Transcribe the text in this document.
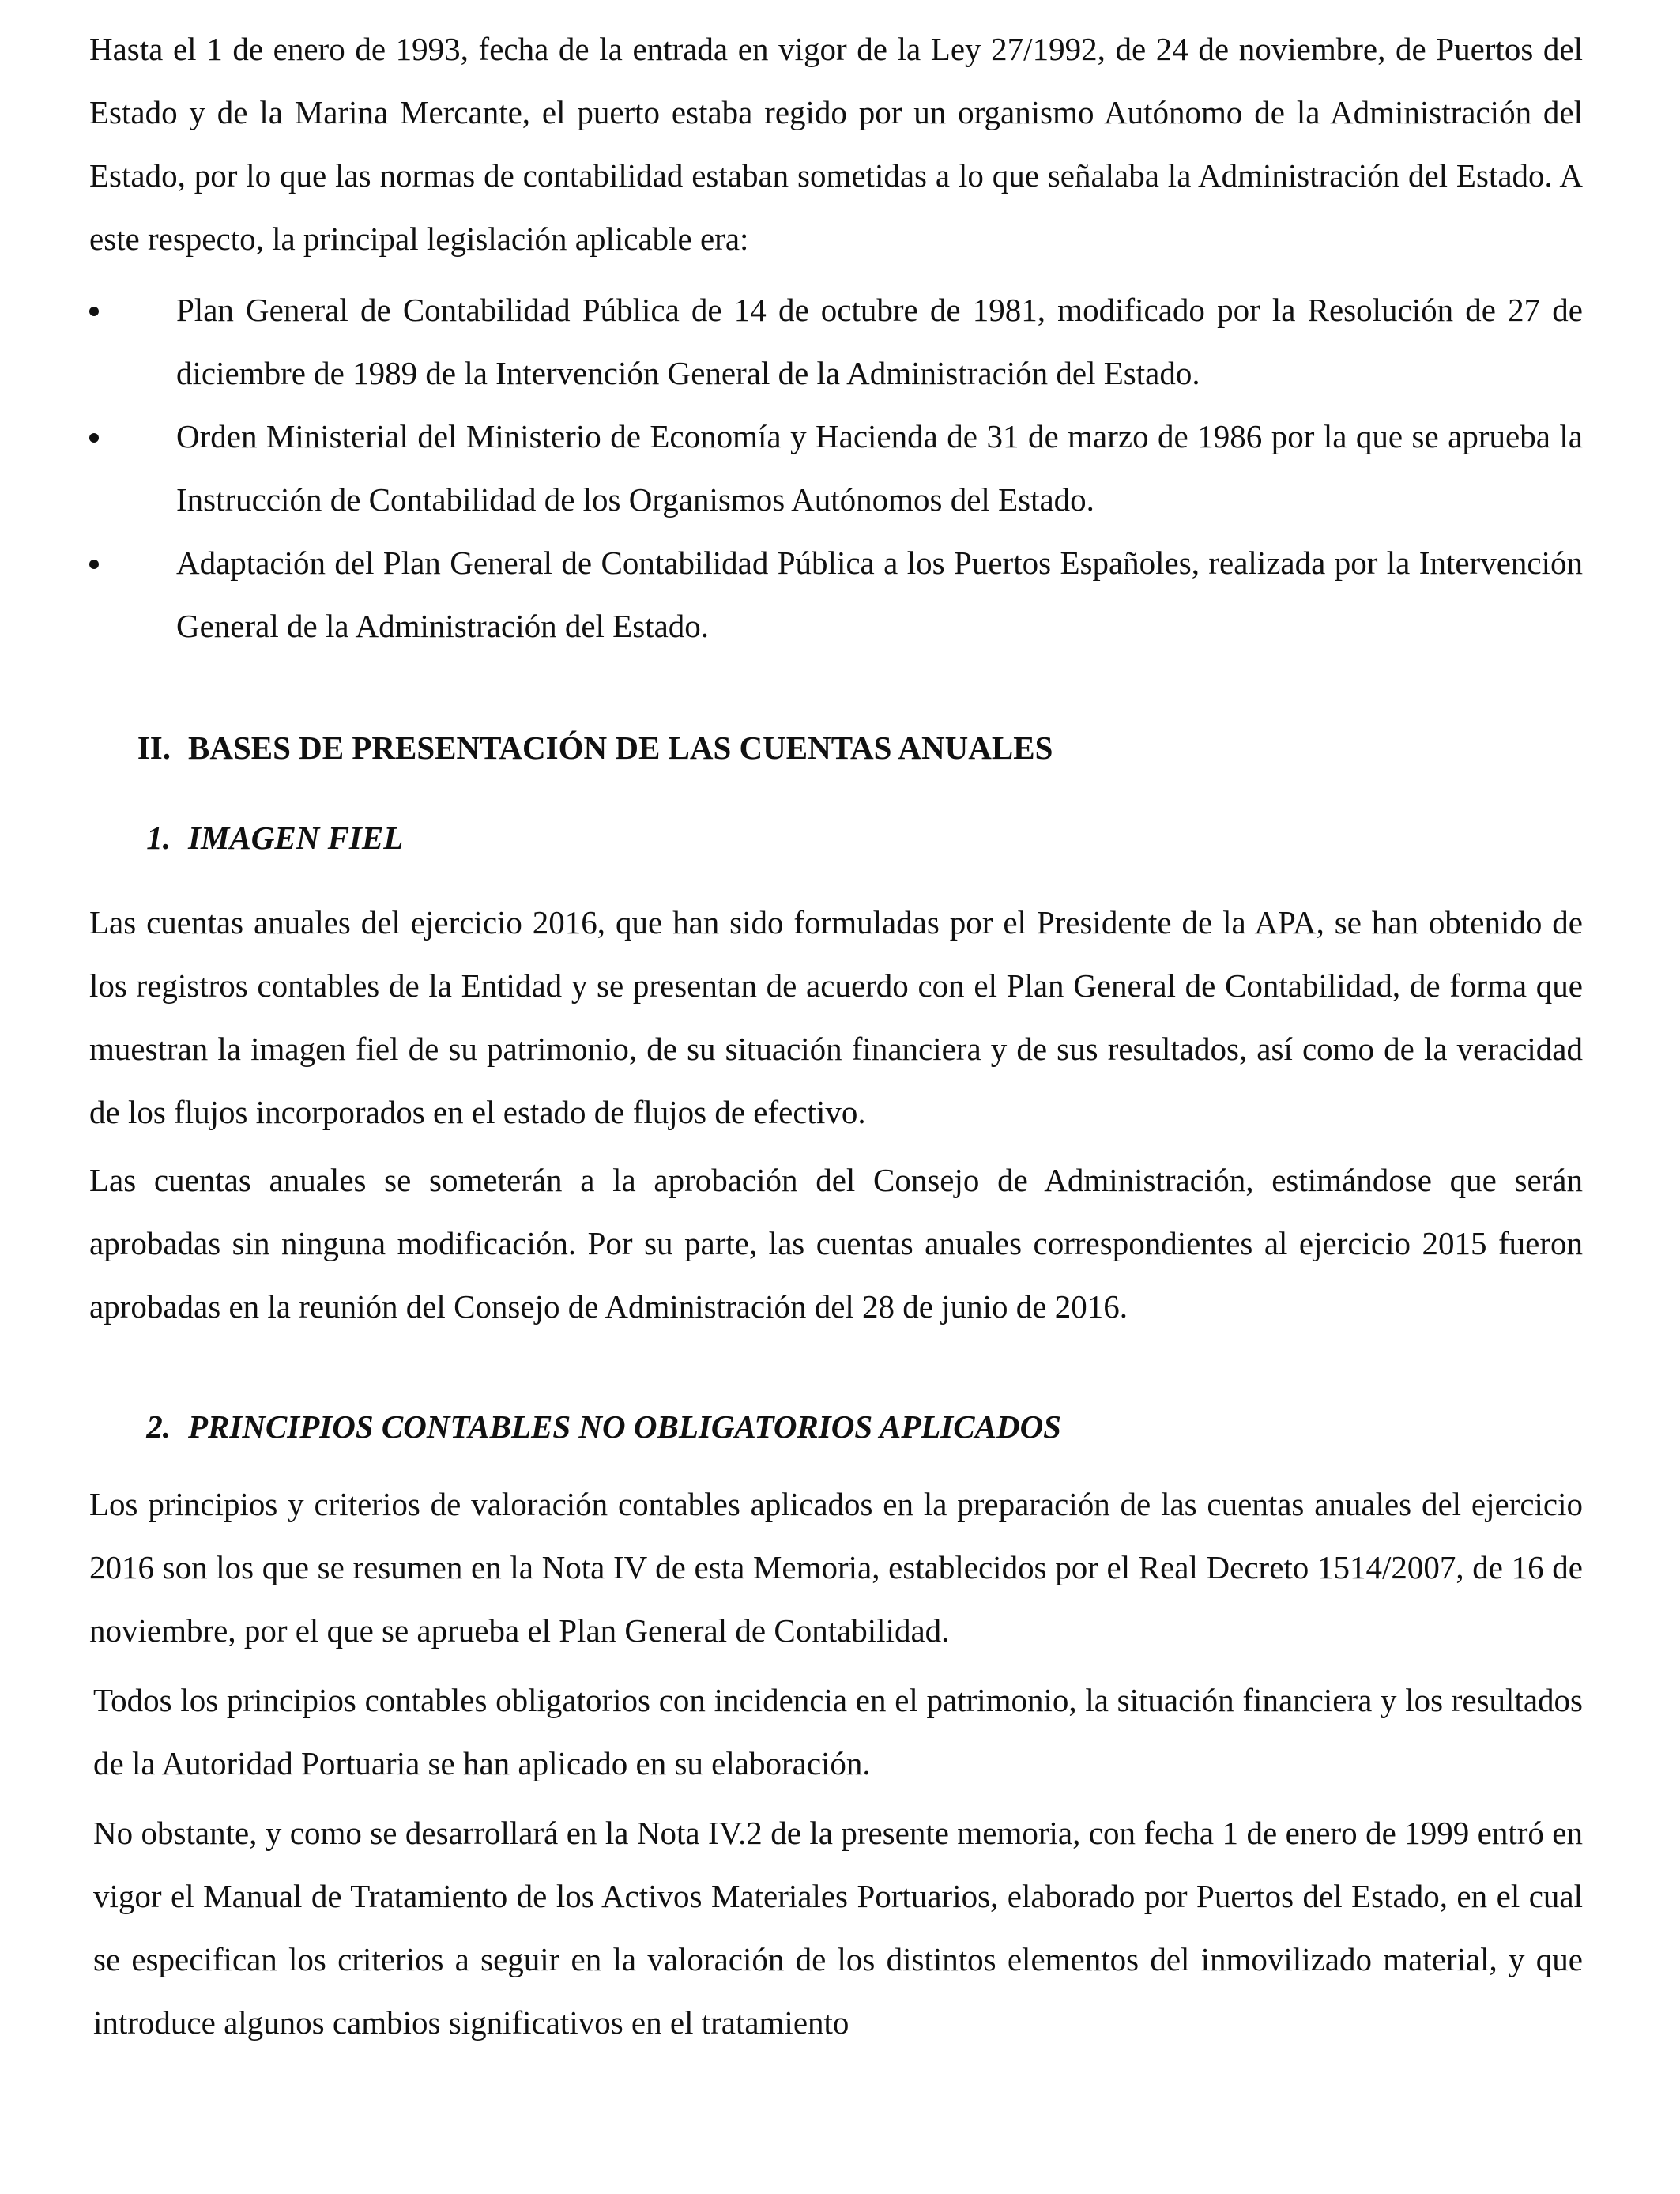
Hasta el 1 de enero de 1993, fecha de la entrada en vigor de la Ley 27/1992, de 24 de noviembre, de Puertos del Estado y de la Marina Mercante, el puerto estaba regido por un organismo Autónomo de la Administración del Estado, por lo que las normas de contabilidad estaban sometidas a lo que señalaba la Administración del Estado. A este respecto, la principal legislación aplicable era:

Plan General de Contabilidad Pública de 14 de octubre de 1981, modificado por la Resolución de 27 de diciembre de 1989 de la Intervención General de la Administración del Estado.
Orden Ministerial del Ministerio de Economía y Hacienda de 31 de marzo de 1986 por la que se aprueba la Instrucción de Contabilidad de los Organismos Autónomos del Estado.
Adaptación del Plan General de Contabilidad Pública a los Puertos Españoles, realizada por la Intervención General de la Administración del Estado.
II. BASES DE PRESENTACIÓN DE LAS CUENTAS ANUALES
1. IMAGEN FIEL

Las cuentas anuales del ejercicio 2016, que han sido formuladas por el Presidente de la APA, se han obtenido de los registros contables de la Entidad y se presentan de acuerdo con el Plan General de Contabilidad, de forma que muestran la imagen fiel de su patrimonio, de su situación financiera y de sus resultados, así como de la veracidad de los flujos incorporados en el estado de flujos de efectivo.

Las cuentas anuales se someterán a la aprobación del Consejo de Administración, estimándose que serán aprobadas sin ninguna modificación. Por su parte, las cuentas anuales correspondientes al ejercicio 2015 fueron aprobadas en la reunión del Consejo de Administración del 28 de junio de 2016.

2. PRINCIPIOS CONTABLES NO OBLIGATORIOS APLICADOS

Los principios y criterios de valoración contables aplicados en la preparación de las cuentas anuales del ejercicio 2016 son los que se resumen en la Nota IV de esta Memoria, establecidos por el Real Decreto 1514/2007, de 16 de noviembre, por el que se aprueba el Plan General de Contabilidad.

Todos los principios contables obligatorios con incidencia en el patrimonio, la situación financiera y los resultados de la Autoridad Portuaria se han aplicado en su elaboración.

No obstante, y como se desarrollará en la Nota IV.2 de la presente memoria, con fecha 1 de enero de 1999 entró en vigor el Manual de Tratamiento de los Activos Materiales Portuarios, elaborado por Puertos del Estado, en el cual se especifican los criterios a seguir en la valoración de los distintos elementos del inmovilizado material, y que introduce algunos cambios significativos en el tratamiento
